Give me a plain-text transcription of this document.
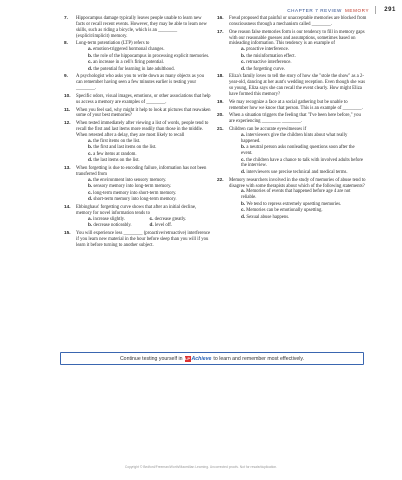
CHAPTER 7 REVIEW MEMORY	291
7. Hippocampus damage typically leaves people unable to learn new facts or recall recent events. However, they may be able to learn new skills, such as riding a bicycle, which is an ________ (explicit/implicit) memory.
8. Long-term potentiation (LTP) refers to
a. emotion-triggered hormonal changes.
b. the role of the hippocampus in processing explicit memories.
c. an increase in a cell's firing potential.
d. the potential for learning in late adulthood.
9. A psychologist who asks you to write down as many objects as you can remember having seen a few minutes earlier is testing your ________.
10. Specific odors, visual images, emotions, or other associations that help us access a memory are examples of ________.
11. When you feel sad, why might it help to look at pictures that reawaken some of your best memories?
12. When tested immediately after viewing a list of words, people tend to recall the first and last items more readily than those in the middle. When retested after a delay, they are most likely to recall
a. the first items on the list.
b. the first and last items on the list.
c. a few items at random.
d. the last items on the list.
13. When forgetting is due to encoding failure, information has not been transferred from
a. the environment into sensory memory.
b. sensory memory into long-term memory.
c. long-term memory into short-term memory.
d. short-term memory into long-term memory.
14. Ebbinghaus' forgetting curve shows that after an initial decline, memory for novel information tends to
a. increase slightly.	c. decrease greatly.
b. decrease noticeably.	d. level off.
15. You will experience less ________ (proactive/retroactive) interference if you learn new material in the hour before sleep than you will if you learn it before turning to another subject.
16. Freud proposed that painful or unacceptable memories are blocked from consciousness through a mechanism called ________.
17. One reason false memories form is our tendency to fill in memory gaps with our reasonable guesses and assumptions, sometimes based on misleading information. This tendency is an example of
a. proactive interference.
b. the misinformation effect.
c. retroactive interference.
d. the forgetting curve.
18. Eliza's family loves to tell the story of how she "stole the show" as a 2-year-old, dancing at her aunt's wedding reception. Even though she was so young, Eliza says she can recall the event clearly. How might Eliza have formed this memory?
19. We may recognize a face at a social gathering but be unable to remember how we know that person. This is an example of ________.
20. When a situation triggers the feeling that "I've been here before," you are experiencing ________ ________.
21. Children can be accurate eyewitnesses if
a. interviewers give the children hints about what really happened.
b. a neutral person asks nonleading questions soon after the event.
c. the children have a chance to talk with involved adults before the interview.
d. interviewers use precise technical and medical terms.
22. Memory researchers involved in the study of memories of abuse tend to disagree with some therapists about which of the following statements?
a. Memories of events that happened before age 4 are not reliable.
b. We tend to repress extremely upsetting memories.
c. Memories can be emotionally upsetting.
d. Sexual abuse happens.
Continue testing yourself in LP Achieve to learn and remember most effectively.
Copyright © Bedford/Freeman/Worth/Macmillan Learning. Uncorrected proofs. Not for resale/duplication.
